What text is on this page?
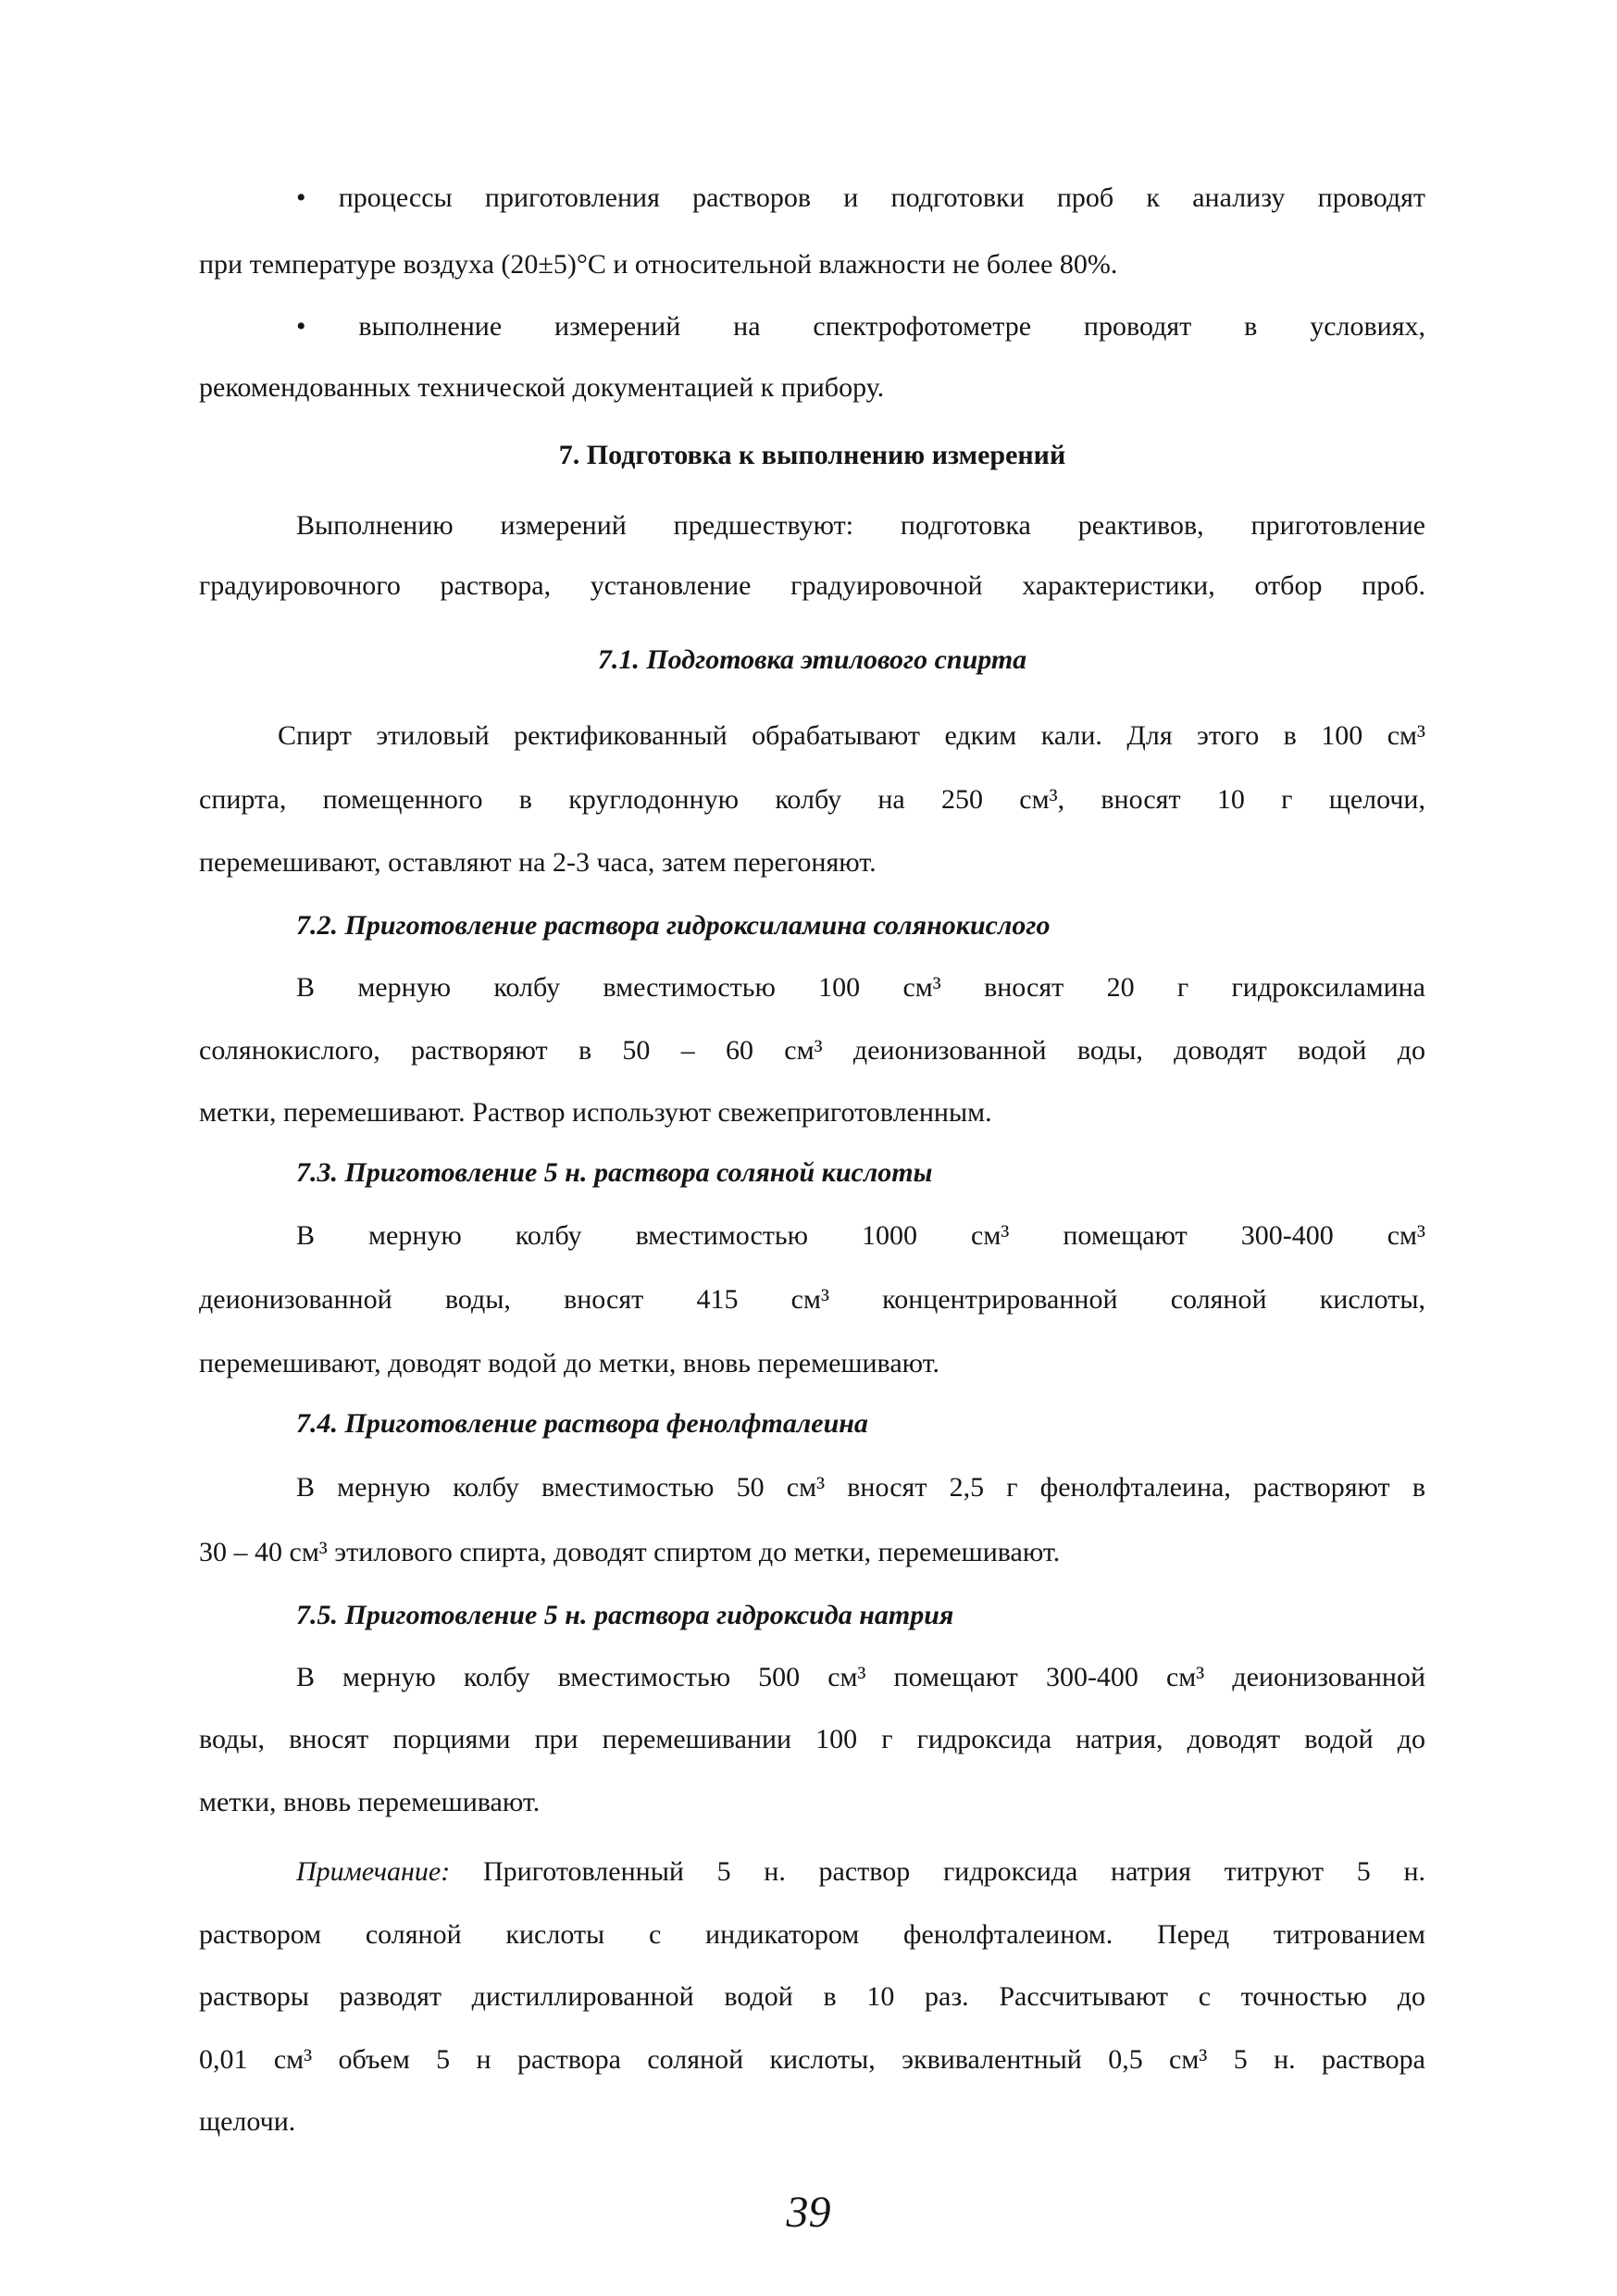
• процессы приготовления растворов и подготовки проб к анализу проводят
при температуре воздуха (20±5)°С и относительной влажности не более 80%.
• выполнение измерений на спектрофотометре проводят в условиях,
рекомендованных технической документацией к прибору.
7. Подготовка к выполнению измерений
Выполнению измерений предшествуют: подготовка реактивов, приготовление
градуировочного раствора, установление градуировочной характеристики, отбор проб.
7.1. Подготовка этилового спирта
Спирт этиловый ректификованный обрабатывают едким кали. Для этого в 100 см³
спирта, помещенного в круглодонную колбу на 250 см³, вносят 10 г щелочи,
перемешивают, оставляют на 2-3 часа, затем перегоняют.
7.2. Приготовление раствора гидроксиламина солянокислого
В мерную колбу вместимостью 100 см³ вносят 20 г гидроксиламина
солянокислого, растворяют в 50 – 60 см³ деионизованной воды, доводят водой до
метки, перемешивают. Раствор используют свежеприготовленным.
7.3. Приготовление 5 н. раствора соляной кислоты
В мерную колбу вместимостью 1000 см³ помещают 300-400 см³
деионизованной воды, вносят 415 см³ концентрированной соляной кислоты,
перемешивают, доводят водой до метки, вновь перемешивают.
7.4. Приготовление раствора фенолфталеина
В мерную колбу вместимостью 50 см³ вносят 2,5 г фенолфталеина, растворяют в
30 – 40 см³ этилового спирта, доводят спиртом до метки, перемешивают.
7.5. Приготовление 5 н. раствора гидроксида натрия
В мерную колбу вместимостью 500 см³ помещают 300-400 см³ деионизованной
воды, вносят порциями при перемешивании 100 г гидроксида натрия, доводят водой до
метки, вновь перемешивают.
Примечание: Приготовленный 5 н. раствор гидроксида натрия титруют 5 н.
раствором соляной кислоты с индикатором фенолфталеином. Перед титрованием
растворы разводят дистиллированной водой в 10 раз. Рассчитывают с точностью до
0,01 см³ объем 5 н раствора соляной кислоты, эквивалентный 0,5 см³ 5 н. раствора
щелочи.
39
